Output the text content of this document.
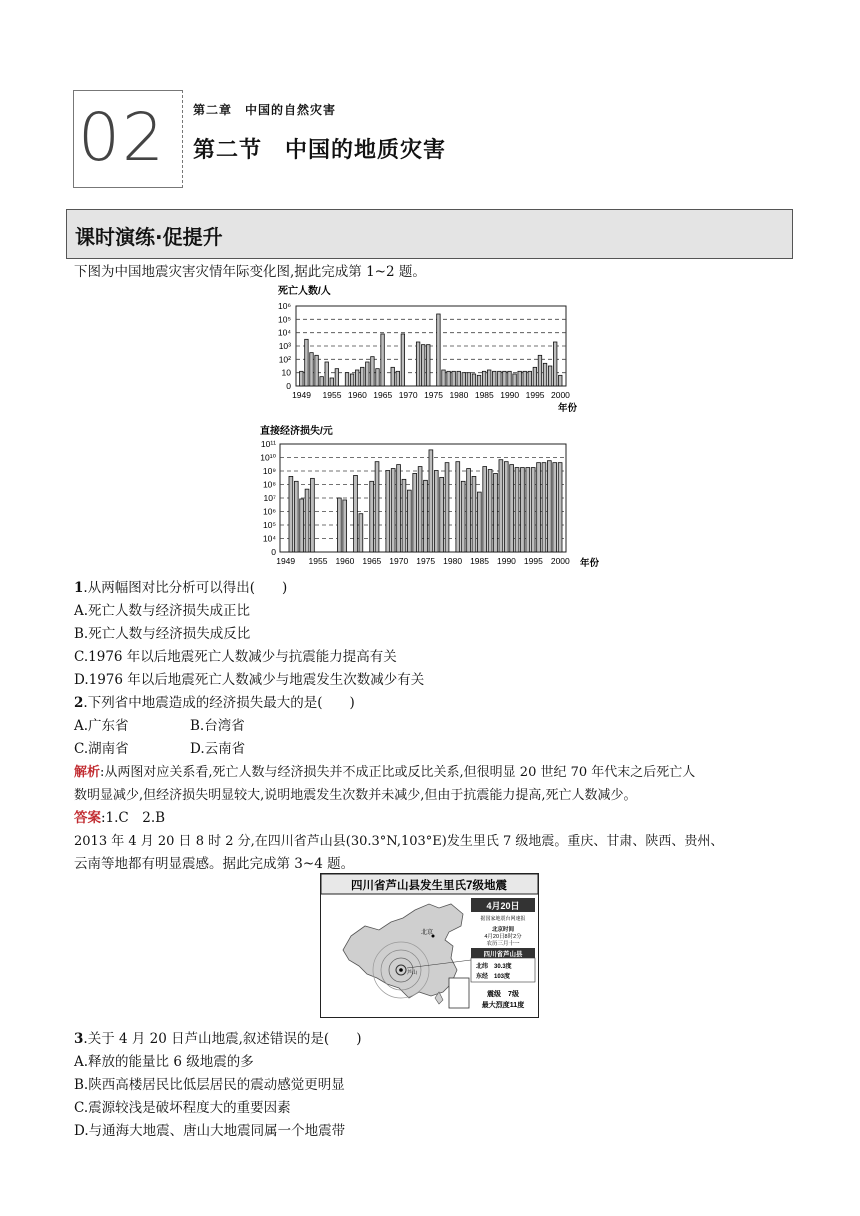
02 第二章　中国的自然灾害
第二节　中国的地质灾害
课时演练·促提升
下图为中国地震灾害灾情年际变化图,据此完成第 1~2 题。
死亡人数/人
0
10
10²
10³
10⁴
10⁵
10⁶
1949 1955 1960 1965 1970 1975 1980 1985 1990 1995 2000
年份
直接经济损失/元
0
10⁴
10⁵
10⁶
10⁷
10⁸
10⁹
10¹⁰
10¹¹
1949 1955 1960 1965 1970 1975 1980 1985 1990 1995 2000 年份
1.从两幅图对比分析可以得出(　　)
A.死亡人数与经济损失成正比
B.死亡人数与经济损失成反比
C.1976 年以后地震死亡人数减少与抗震能力提高有关
D.1976 年以后地震死亡人数减少与地震发生次数减少有关
2.下列省中地震造成的经济损失最大的是(　　)
A.广东省	B.台湾省
C.湖南省	D.云南省
解析:从两图对应关系看,死亡人数与经济损失并不成正比或反比关系,但很明显 20 世纪 70 年代末之后死亡人
数明显减少,但经济损失明显较大,说明地震发生次数并未减少,但由于抗震能力提高,死亡人数减少。
答案:1.C　2.B
2013 年 4 月 20 日 8 时 2 分,在四川省芦山县(30.3°N,103°E)发生里氏 7 级地震。重庆、甘肃、陕西、贵州、
云南等地都有明显震感。据此完成第 3~4 题。
四川省芦山县发生里氏7级地震
芦山
北京
4月20日
据国家地震台网速报
北京时间
4月20日8时2分
农历三月十一
四川省芦山县
北纬　30.3度
东经　103度
震级　7级
最大烈度11度
3.关于 4 月 20 日芦山地震,叙述错误的是(　　)
A.释放的能量比 6 级地震的多
B.陕西高楼居民比低层居民的震动感觉更明显
C.震源较浅是破坏程度大的重要因素
D.与通海大地震、唐山大地震同属一个地震带
